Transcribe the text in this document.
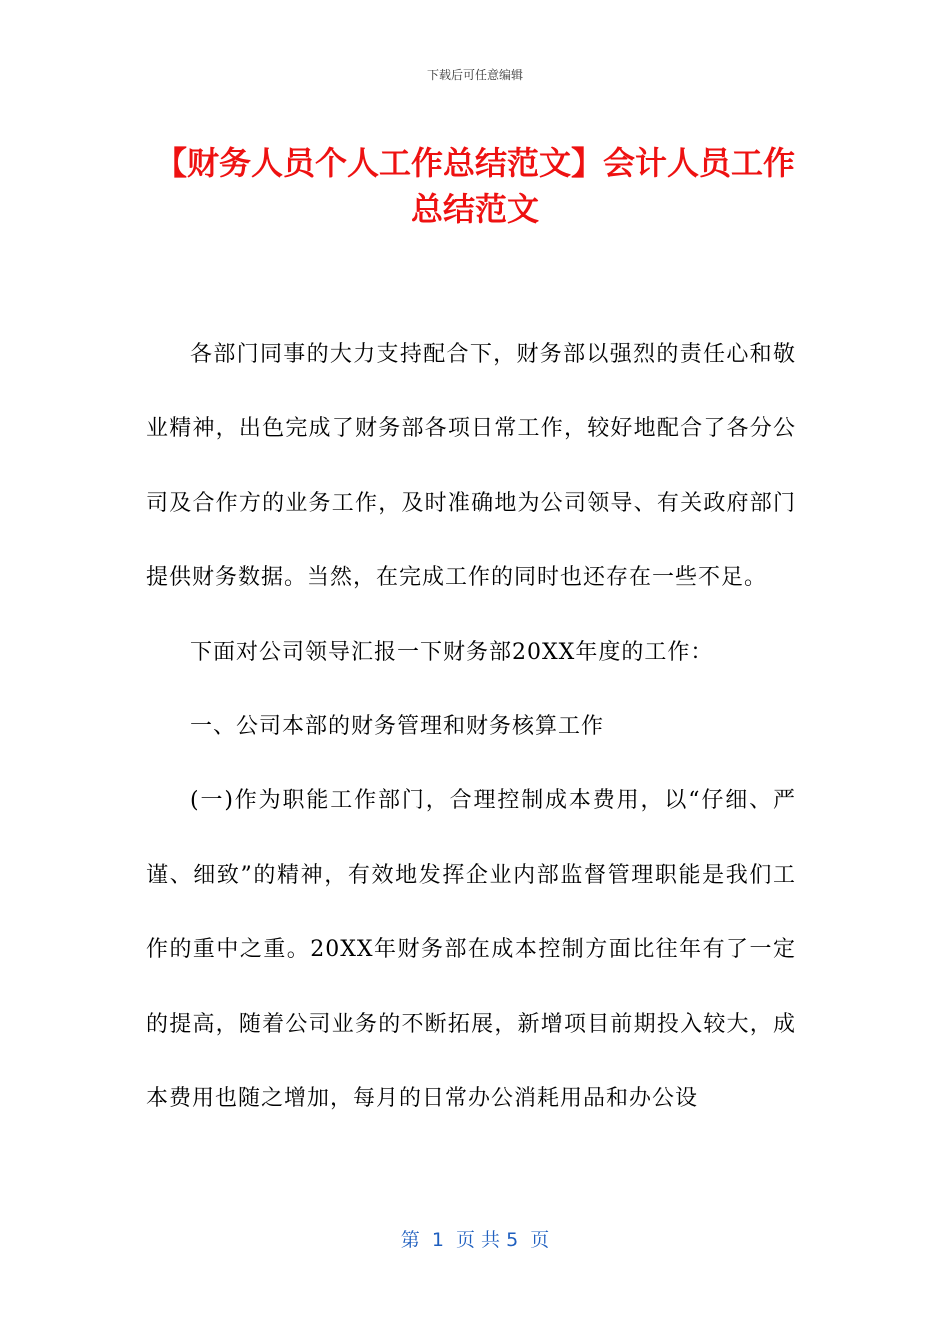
下载后可任意编辑
【财务人员个人工作总结范文】会计人员工作总结范文

各部门同事的大力支持配合下，财务部以强烈的责任心和敬业精神，出色完成了财务部各项日常工作，较好地配合了各分公司及合作方的业务工作，及时准确地为公司领导、有关政府部门提供财务数据。当然，在完成工作的同时也还存在一些不足。

下面对公司领导汇报一下财务部20XX年度的工作：

一、公司本部的财务管理和财务核算工作

(一)作为职能工作部门，合理控制成本费用，以“仔细、严谨、细致”的精神，有效地发挥企业内部监督管理职能是我们工作的重中之重。20XX年财务部在成本控制方面比往年有了一定的提高，随着公司业务的不断拓展，新增项目前期投入较大，成本费用也随之增加，每月的日常办公消耗用品和办公设

第  1  页 共 5  页
